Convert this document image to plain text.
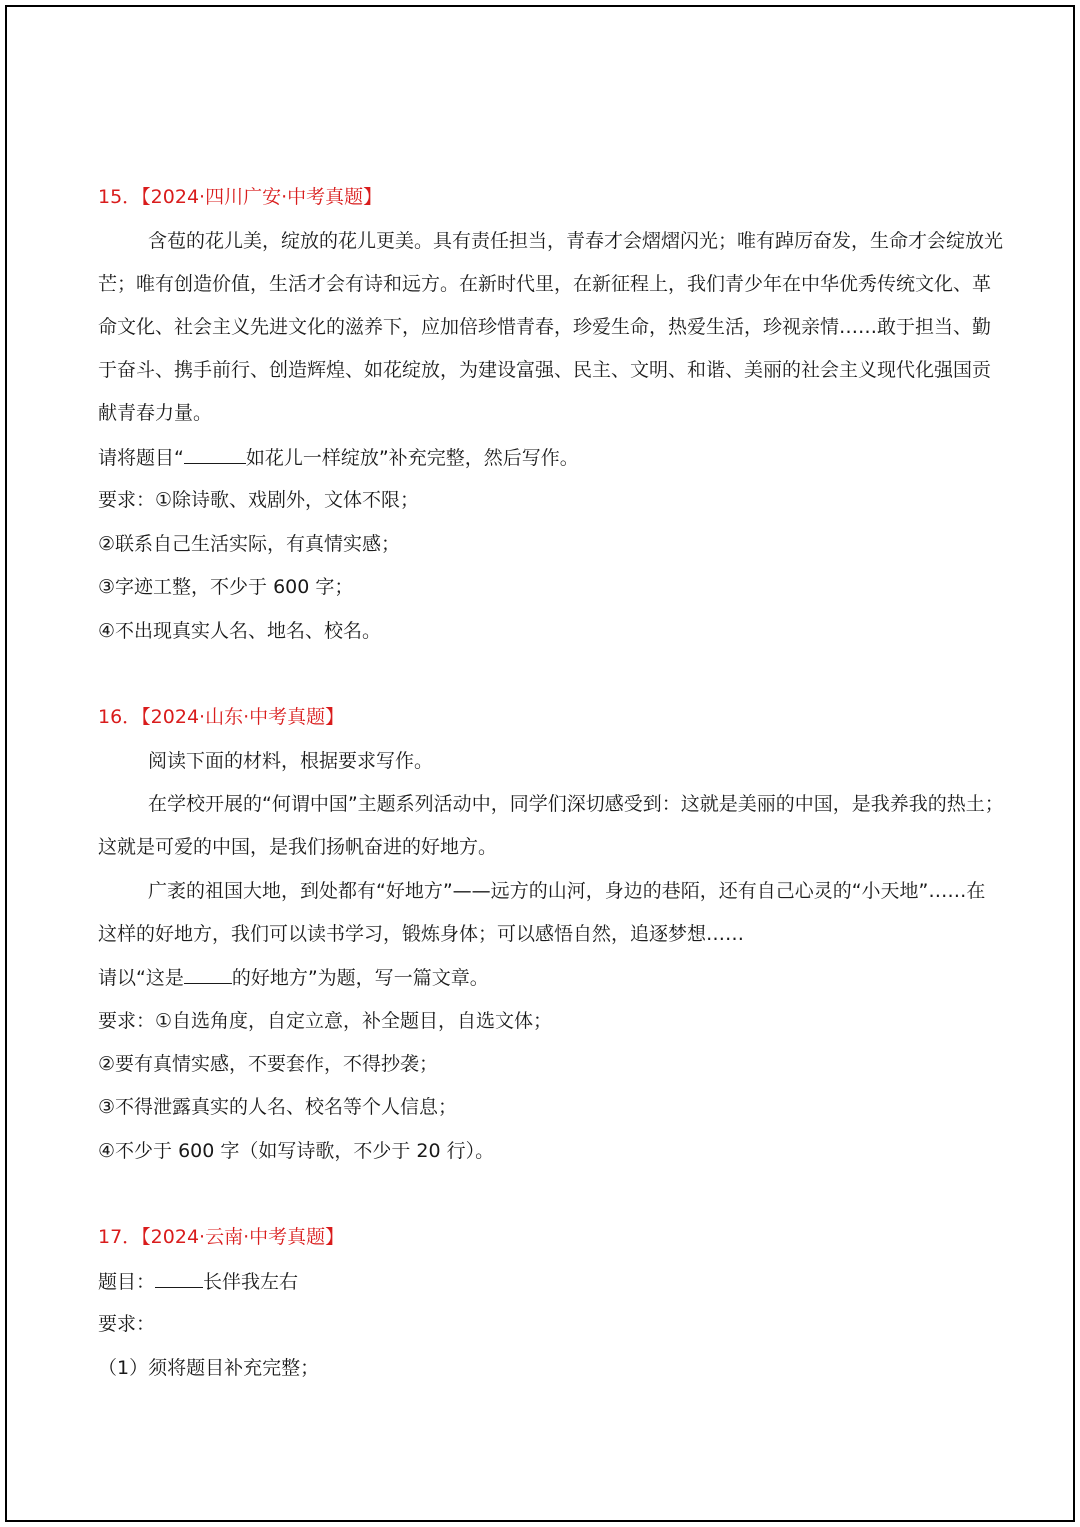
15．【2024·四川广安·中考真题】
含苞的花儿美，绽放的花儿更美。具有责任担当，青春才会熠熠闪光；唯有踔厉奋发，生命才会绽放光
芒；唯有创造价值，生活才会有诗和远方。在新时代里，在新征程上，我们青少年在中华优秀传统文化、革
命文化、社会主义先进文化的滋养下，应加倍珍惜青春，珍爱生命，热爱生活，珍视亲情……敢于担当、勤
于奋斗、携手前行、创造辉煌、如花绽放，为建设富强、民主、文明、和谐、美丽的社会主义现代化强国贡
献青春力量。
请将题目“	如花儿一样绽放”补充完整，然后写作。
要求：①除诗歌、戏剧外，文体不限；
②联系自己生活实际，有真情实感；
③字迹工整，不少于 600 字；
④不出现真实人名、地名、校名。
16．【2024·山东·中考真题】
阅读下面的材料，根据要求写作。
在学校开展的“何谓中国”主题系列活动中，同学们深切感受到：这就是美丽的中国，是我养我的热土；
这就是可爱的中国，是我们扬帆奋进的好地方。
广袤的祖国大地，到处都有“好地方”——远方的山河，身边的巷陌，还有自己心灵的“小天地”……在
这样的好地方，我们可以读书学习，锻炼身体；可以感悟自然，追逐梦想……
请以“这是	的好地方”为题，写一篇文章。
要求：①自选角度，自定立意，补全题目，自选文体；
②要有真情实感，不要套作，不得抄袭；
③不得泄露真实的人名、校名等个人信息；
④不少于 600 字（如写诗歌，不少于 20 行）。
17．【2024·云南·中考真题】
题目：	长伴我左右
要求：
（1）须将题目补充完整；
